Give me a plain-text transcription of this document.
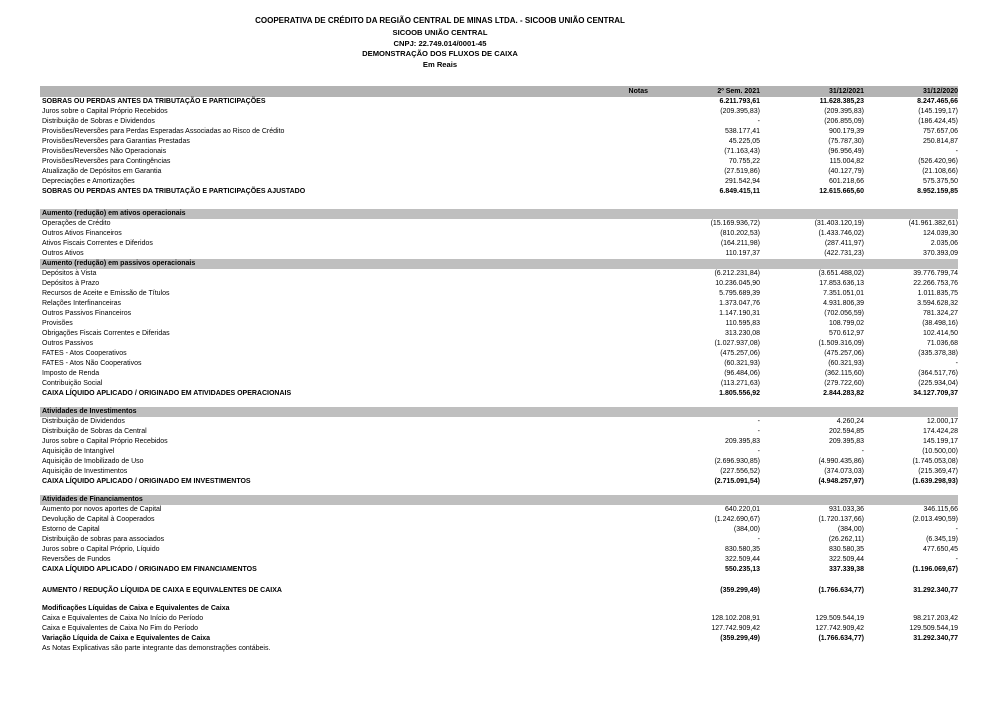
COOPERATIVA DE CRÉDITO DA REGIÃO CENTRAL DE MINAS LTDA. - SICOOB UNIÃO CENTRAL
SICOOB UNIÃO CENTRAL
CNPJ: 22.749.014/0001-45
DEMONSTRAÇÃO DOS FLUXOS DE CAIXA
Em Reais
Notas	2º Sem. 2021	31/12/2021	31/12/2020
SOBRAS OU PERDAS ANTES DA TRIBUTAÇÃO E PARTICIPAÇÕES	6.211.793,61	11.628.385,23	8.247.465,66
Juros sobre o Capital Próprio Recebidos	(209.395,83)	(209.395,83)	(145.199,17)
Distribuição de Sobras e Dividendos	-	(206.855,09)	(186.424,45)
Provisões/Reversões para Perdas Esperadas Associadas ao Risco de Crédito	538.177,41	900.179,39	757.657,06
Provisões/Reversões para Garantias Prestadas	45.225,05	(75.787,30)	250.814,87
Provisões/Reversões Não Operacionais	(71.163,43)	(96.956,49)	-
Provisões/Reversões para Contingências	70.755,22	115.004,82	(526.420,96)
Atualização de Depósitos em Garantia	(27.519,86)	(40.127,79)	(21.108,66)
Depreciações e Amortizações	291.542,94	601.218,66	575.375,50
SOBRAS OU PERDAS ANTES DA TRIBUTAÇÃO E PARTICIPAÇÕES AJUSTADO	6.849.415,11	12.615.665,60	8.952.159,85
Aumento (redução) em ativos operacionais
Operações de Crédito	(15.169.936,72)	(31.403.120,19)	(41.961.382,61)
Outros Ativos Financeiros	(810.202,53)	(1.433.746,02)	124.039,30
Ativos Fiscais Correntes e Diferidos	(164.211,98)	(287.411,97)	2.035,06
Outros Ativos	110.197,37	(422.731,23)	370.393,09
Aumento (redução) em passivos operacionais
Depósitos à Vista	(6.212.231,84)	(3.651.488,02)	39.776.799,74
Depósitos à Prazo	10.236.045,90	17.853.636,13	22.266.753,76
Recursos de Aceite e Emissão de Títulos	5.795.689,39	7.351.051,01	1.011.835,75
Relações Interfinanceiras	1.373.047,76	4.931.806,39	3.594.628,32
Outros Passivos Financeiros	1.147.190,31	(702.056,59)	781.324,27
Provisões	110.595,83	108.799,02	(38.498,16)
Obrigações Fiscais Correntes e Diferidas	313.230,08	570.612,97	102.414,50
Outros Passivos	(1.027.937,08)	(1.509.316,09)	71.036,68
FATES - Atos Cooperativos	(475.257,06)	(475.257,06)	(335.378,38)
FATES - Atos Não Cooperativos	(60.321,93)	(60.321,93)	-
Imposto de Renda	(96.484,06)	(362.115,60)	(364.517,76)
Contribuição Social	(113.271,63)	(279.722,60)	(225.934,04)
CAIXA LÍQUIDO APLICADO / ORIGINADO EM ATIVIDADES OPERACIONAIS	1.805.556,92	2.844.283,82	34.127.709,37
Atividades de Investimentos
Distribuição de Dividendos	-	4.260,24	12.000,17
Distribuição de Sobras da Central	-	202.594,85	174.424,28
Juros sobre o Capital Próprio Recebidos	209.395,83	209.395,83	145.199,17
Aquisição de Intangível	-	-	(10.500,00)
Aquisição de Imobilizado de Uso	(2.696.930,85)	(4.990.435,86)	(1.745.053,08)
Aquisição de Investimentos	(227.556,52)	(374.073,03)	(215.369,47)
CAIXA LÍQUIDO APLICADO / ORIGINADO EM INVESTIMENTOS	(2.715.091,54)	(4.948.257,97)	(1.639.298,93)
Atividades de Financiamentos
Aumento por novos aportes de Capital	640.220,01	931.033,36	346.115,66
Devolução de Capital à Cooperados	(1.242.690,67)	(1.720.137,66)	(2.013.490,59)
Estorno de Capital	(384,00)	(384,00)	-
Distribuição de sobras para associados	-	(26.262,11)	(6.345,19)
Juros sobre o Capital Próprio, Líquido	830.580,35	830.580,35	477.650,45
Reversões de Fundos	322.509,44	322.509,44	-
CAIXA LÍQUIDO APLICADO / ORIGINADO EM FINANCIAMENTOS	550.235,13	337.339,38	(1.196.069,67)
AUMENTO / REDUÇÃO LÍQUIDA DE CAIXA E EQUIVALENTES DE CAIXA	(359.299,49)	(1.766.634,77)	31.292.340,77
Modificações Líquidas de Caixa e Equivalentes de Caixa
Caixa e Equivalentes de Caixa No Início do Período	128.102.208,91	129.509.544,19	98.217.203,42
Caixa e Equivalentes de Caixa No Fim do Período	127.742.909,42	127.742.909,42	129.509.544,19
Variação Líquida de Caixa e Equivalentes de Caixa	(359.299,49)	(1.766.634,77)	31.292.340,77
As Notas Explicativas são parte integrante das demonstrações contábeis.
